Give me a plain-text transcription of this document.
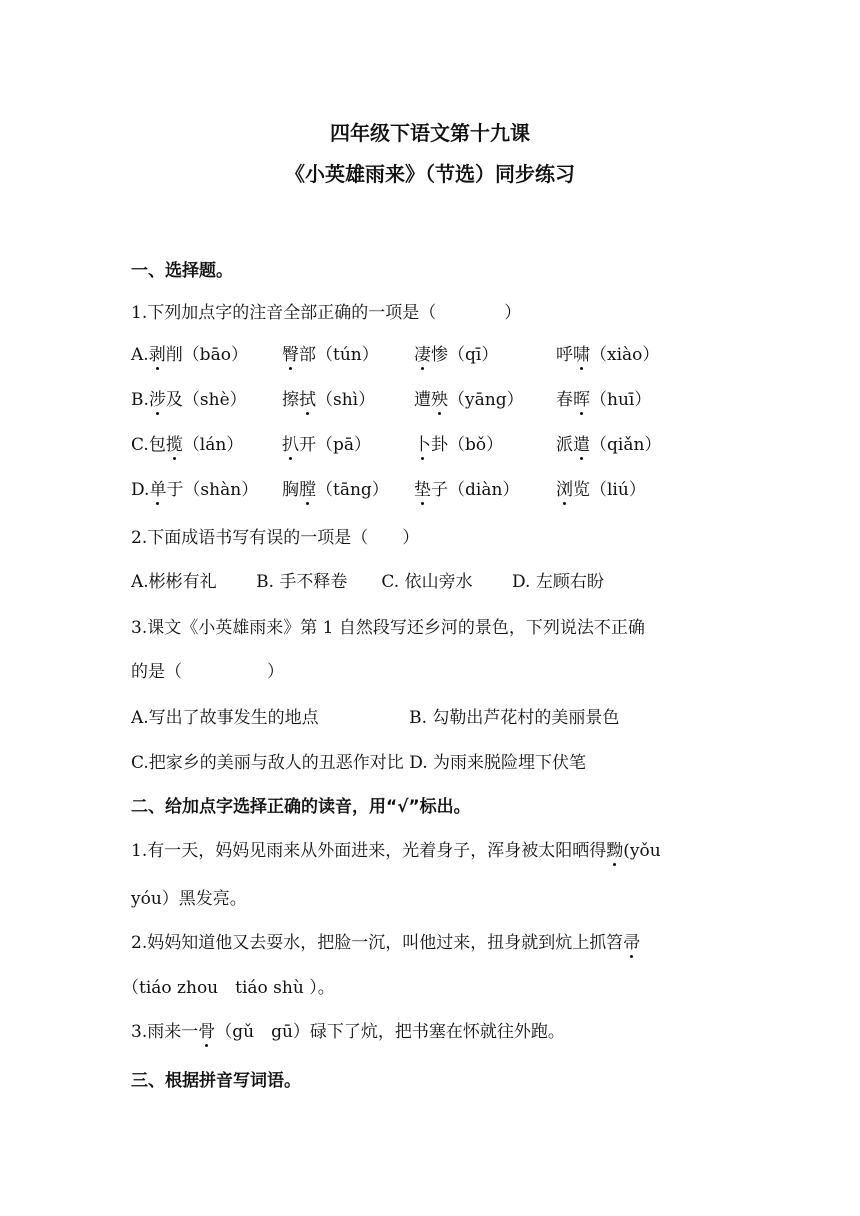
四年级下语文第十九课
《小英雄雨来》（节选）同步练习
一、选择题。
1.下列加点字的注音全部正确的一项是（　　　　）
A.剥削（bāo） 臀部（tún） 凄惨（qī）	呼啸（xiào）
B.涉及（shè） 擦拭（shì） 遭殃（yāng） 春晖（huī）
C.包揽（lán） 扒开（pā）	卜卦（bǒ）	派遣（qiǎn）
D.单于（shàn） 胸膛（tāng） 垫子（diàn） 浏览（liú）
2.下面成语书写有误的一项是（　　）
A.彬彬有礼　　 B. 手不释卷　　C. 依山旁水　　 D. 左顾右盼
3.课文《小英雄雨来》第 1 自然段写还乡河的景色，下列说法不正确
的是（　　　　　）
A.写出了故事发生的地点　　　　　 B. 勾勒出芦花村的美丽景色
C.把家乡的美丽与敌人的丑恶作对比 D. 为雨来脱险埋下伏笔
二、给加点字选择正确的读音，用“√”标出。
1.有一天，妈妈见雨来从外面进来，光着身子，浑身被太阳晒得黝(yǒu
yóu）黑发亮。
2.妈妈知道他又去耍水，把脸一沉，叫他过来，扭身就到炕上抓笤帚
（tiáo zhou　tiáo shù ）。
3.雨来一骨（gǔ　gū）碌下了炕，把书塞在怀就往外跑。
三、根据拼音写词语。
